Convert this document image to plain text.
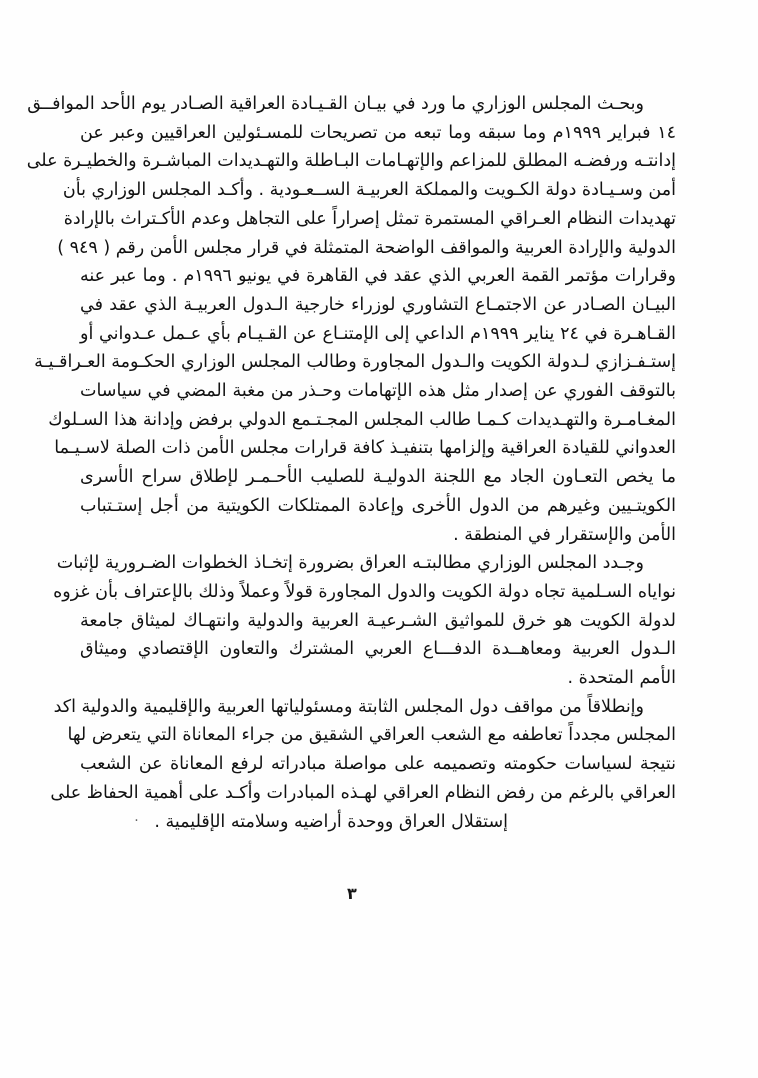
وبحـث المجلس الوزاري ما ورد في بيـان القـيـادة العراقية الصـادر يوم الأحد الموافــق
١٤ فبراير ١٩٩٩م وما سبقه وما تبعه من تصريحات للمسـئولين العراقيين وعبر عن
إدانتـه ورفضـه المطلق للمزاعم والإتهـامات البـاطلة والتهـديدات المباشـرة والخطيـرة على
أمن وسـيـادة دولة الكـويت والمملكة العربيـة الســعـودية . وأكـد المجلس الوزاري بأن
تهديدات النظام العـراقي المستمرة تمثل إصراراً على التجاهل وعدم الأكـتراث بالإرادة
الدولية والإرادة العربية والمواقف الواضحة المتمثلة في قرار مجلس الأمن رقم ( ٩٤٩ )
وقرارات مؤتمر القمة العربي الذي عقد في القاهرة في يونيو ١٩٩٦م . وما عبر عنه
البيـان الصـادر عن الاجتمـاع التشاوري لوزراء خارجية الـدول العربيـة الذي عقد في
القـاهـرة في ٢٤ يناير ١٩٩٩م الداعي إلى الإمتنـاع عن القـيـام بأي عـمل عـدواني أو
إستـفـزازي لـدولة الكويت والـدول المجاورة وطالب المجلس الوزاري الحكـومة العـراقـيـة
بالتوقف الفوري عن إصدار مثل هذه الإتهامات وحـذر من مغبة المضي في سياسات
المغـامـرة والتهـديدات كـمـا طالب المجلس المجـتـمع الدولي برفض وإدانة هذا السـلوك
العدواني للقيادة العراقية وإلزامها بتنفيـذ كافة قرارات مجلس الأمن ذات الصلة لاسـيـما
ما يخص التعـاون الجاد مع اللجنة الدوليـة للصليب الأحـمـر لإطلاق سراح الأسرى
الكويتـيين وغيرهم من الدول الأخرى وإعادة الممتلكات الكويتية من أجل إستـتباب
الأمن والإستقرار في المنطقة .
وجـدد المجلس الوزاري مطالبتـه العراق بضرورة إتخـاذ الخطوات الضـرورية لإثبات
نواياه السـلمية تجاه دولة الكويت والدول المجاورة قولاً وعملاً وذلك بالإعتراف بأن غزوه
لدولة الكويت هو خرق للمواثيق الشـرعيـة العربية والدولية وانتهـاك لميثاق جامعة
الـدول العربية ومعاهــدة الدفـــاع العربي المشترك والتعاون الإقتصادي وميثاق
الأمم المتحدة .
وإنطلاقاً من مواقف دول المجلس الثابتة ومسئولياتها العربية والإقليمية والدولية اكد
المجلس مجدداً تعاطفه مع الشعب العراقي الشقيق من جراء المعاناة التي يتعرض لها
نتيجة لسياسات حكومته وتصميمه على مواصلة مبادراته لرفع المعاناة عن الشعب
العراقي بالرغم من رفض النظام العراقي لهـذه المبادرات وأكـد على أهمية الحفاظ على
إستقلال العراق ووحدة أراضيه وسلامته الإقليمية . ·
٣
